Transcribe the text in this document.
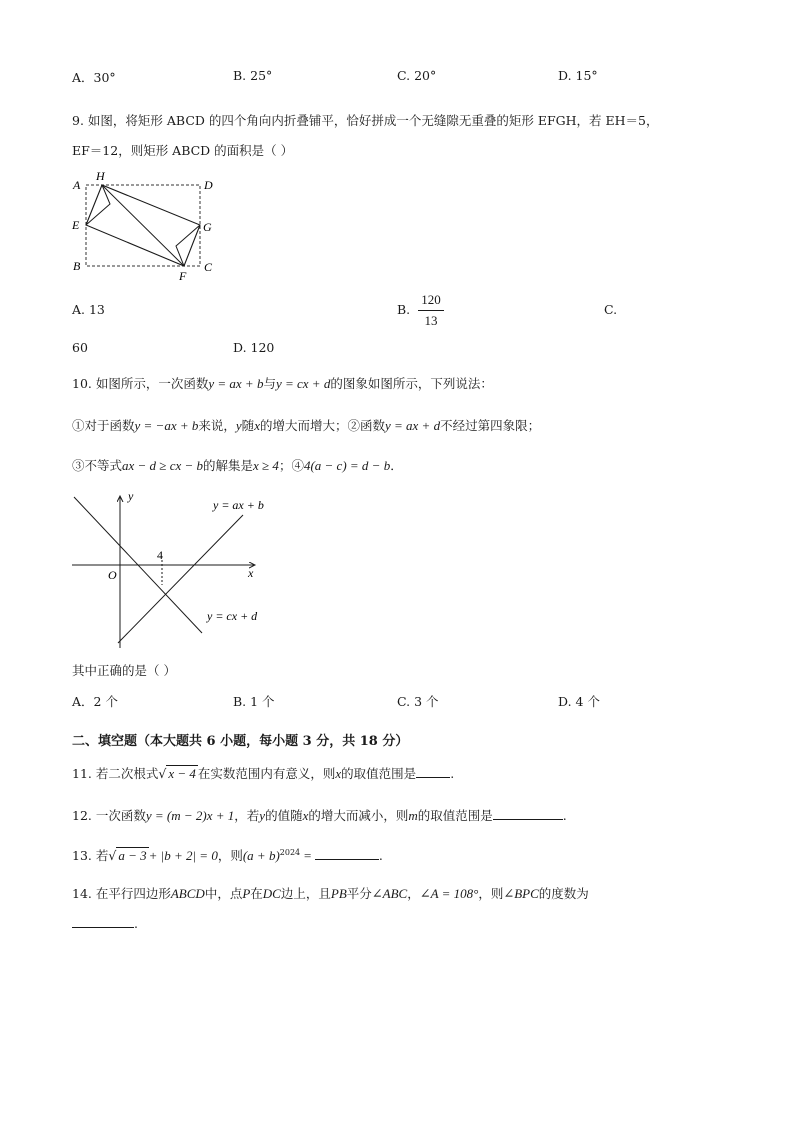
A．30°	B. 25°	C. 20°	D. 15°
9. 如图，将矩形 ABCD 的四个角向内折叠铺平，恰好拼成一个无缝隙无重叠的矩形 EFGH，若 EH＝5，
EF＝12，则矩形 ABCD 的面积是（ ）
A
H
D
E	G
B	C
F
A. 13	B.
120
13
C.
60	D. 120
10. 如图所示，一次函数y = ax + b与y = cx + d的图象如图所示，下列说法：
①对于函数y = −ax + b来说，y随x的增大而增大；②函数y = ax + d不经过第四象限；
③不等式ax − d ≥ cx − b的解集是x ≥ 4；④4(a − c) = d − b．
y
x
O
4
y = ax + b
y = cx + d
其中正确的是（ ）
A．2 个	B. 1 个	C. 3 个	D. 4 个
二、填空题（本大题共 6 小题，每小题 3 分，共 18 分）
11. 若二次根式√ x − 4 在实数范围内有意义，则x的取值范围是	.
12. 一次函数y = (m − 2)x + 1，若y的值随x的增大而减小，则m的取值范围是	.
13. 若√ a − 3 + |b + 2| = 0，则$(a + b)^{2024}$ =	.
14. 在平行四边形ABCD中，点P在DC边上，且PB平分∠ABC，∠A = 108°，则∠BPC的度数为
.
